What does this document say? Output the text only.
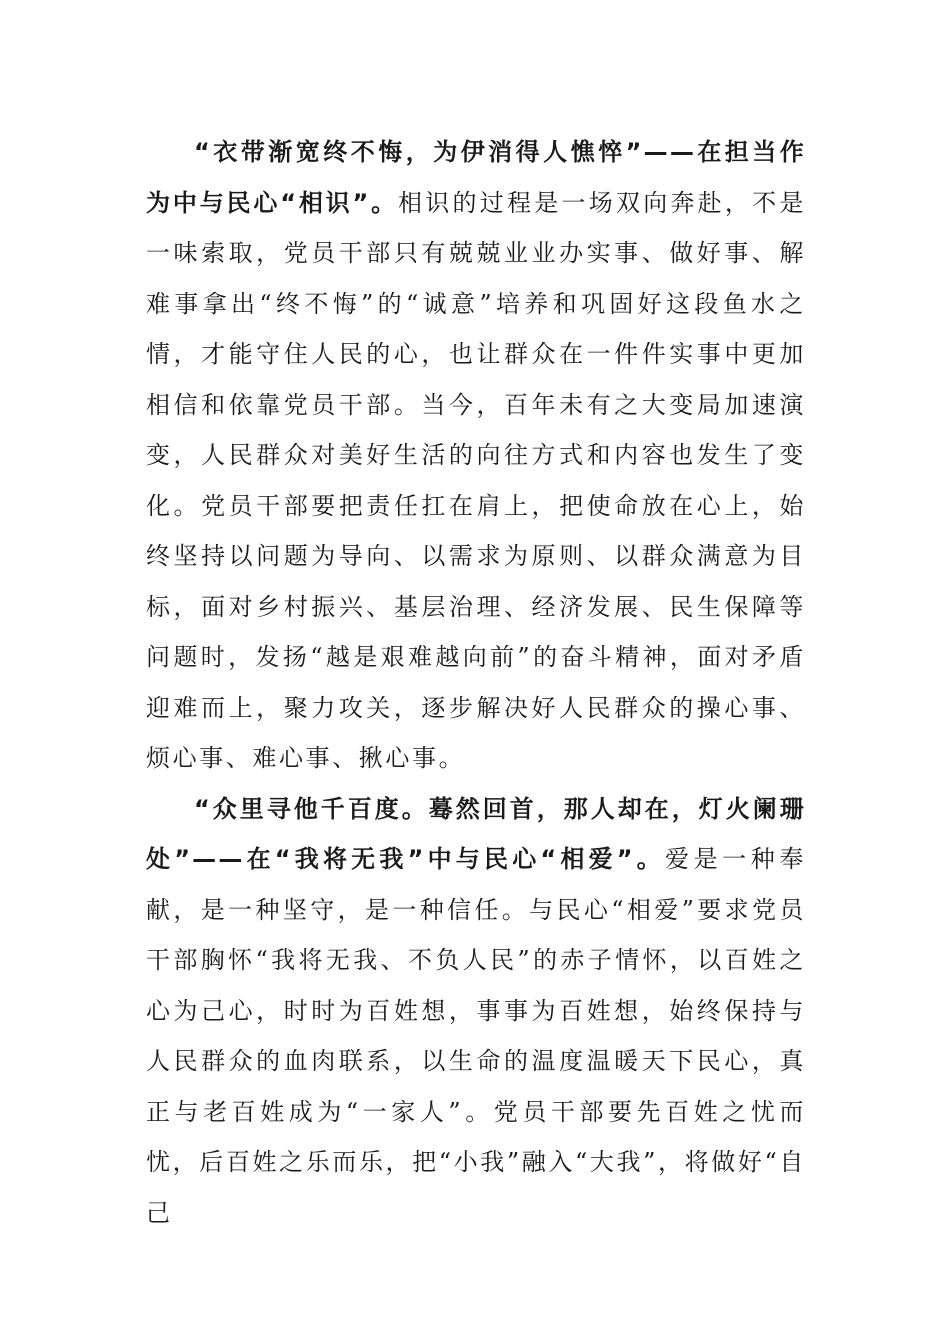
“衣带渐宽终不悔，为伊消得人憔悴”——在担当作为中与民心“相识”。相识的过程是一场双向奔赴，不是一味索取，党员干部只有兢兢业业办实事、做好事、解难事拿出“终不悔”的“诚意”培养和巩固好这段鱼水之情，才能守住人民的心，也让群众在一件件实事中更加相信和依靠党员干部。当今，百年未有之大变局加速演变，人民群众对美好生活的向往方式和内容也发生了变化。党员干部要把责任扛在肩上，把使命放在心上，始终坚持以问题为导向、以需求为原则、以群众满意为目标，面对乡村振兴、基层治理、经济发展、民生保障等问题时，发扬“越是艰难越向前”的奋斗精神，面对矛盾迎难而上，聚力攻关，逐步解决好人民群众的操心事、烦心事、难心事、揪心事。

“众里寻他千百度。蓦然回首，那人却在，灯火阑珊处”——在“我将无我”中与民心“相爱”。爱是一种奉献，是一种坚守，是一种信任。与民心“相爱”要求党员干部胸怀“我将无我、不负人民”的赤子情怀，以百姓之心为己心，时时为百姓想，事事为百姓想，始终保持与人民群众的血肉联系，以生命的温度温暖天下民心，真正与老百姓成为“一家人”。党员干部要先百姓之忧而忧，后百姓之乐而乐，把“小我”融入“大我”，将做好“自己
